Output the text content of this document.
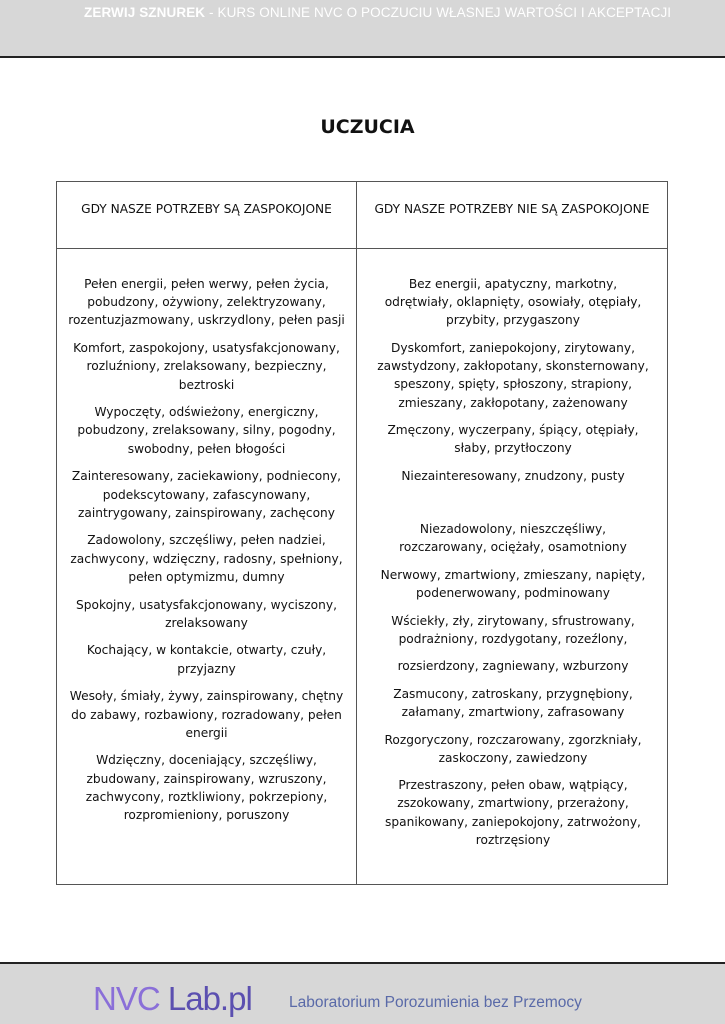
ZERWIJ SZNUREK - KURS ONLINE NVC O POCZUCIU WŁASNEJ WARTOŚCI I AKCEPTACJI
UCZUCIA
GDY NASZE POTRZEBY SĄ ZASPOKOJONE	GDY NASZE POTRZEBY NIE SĄ ZASPOKOJONE

Pełen energii, pełen werwy, pełen życia, pobudzony, ożywiony, zelektryzowany, rozentuzjazmowany, uskrzydlony, pełen pasji

Komfort, zaspokojony, usatysfakcjonowany, rozluźniony, zrelaksowany, bezpieczny, beztroski

Wypoczęty, odświeżony, energiczny, pobudzony, zrelaksowany, silny, pogodny, swobodny, pełen błogości

Zainteresowany, zaciekawiony, podniecony, podekscytowany, zafascynowany, zaintrygowany, zainspirowany, zachęcony

Zadowolony, szczęśliwy, pełen nadziei, zachwycony, wdzięczny, radosny, spełniony, pełen optymizmu, dumny

Spokojny, usatysfakcjonowany, wyciszony, zrelaksowany

Kochający, w kontakcie, otwarty, czuły, przyjazny

Wesoły, śmiały, żywy, zainspirowany, chętny do zabawy, rozbawiony, rozradowany, pełen energii

Wdzięczny, doceniający, szczęśliwy, zbudowany, zainspirowany, wzruszony, zachwycony, roztkliwiony, pokrzepiony, rozpromieniony, poruszony

Bez energii, apatyczny, markotny, odrętwiały, oklapnięty, osowiały, otępiały, przybity, przygaszony

Dyskomfort, zaniepokojony, zirytowany, zawstydzony, zakłopotany, skonsternowany, speszony, spięty, spłoszony, strapiony, zmieszany, zakłopotany, zażenowany

Zmęczony, wyczerpany, śpiący, otępiały, słaby, przytłoczony

Niezainteresowany, znudzony, pusty

Niezadowolony, nieszczęśliwy, rozczarowany, ociężały, osamotniony

Nerwowy, zmartwiony, zmieszany, napięty, podenerwowany, podminowany

Wściekły, zły, zirytowany, sfrustrowany, podrażniony, rozdygotany, rozeźlony,

rozsierdzony, zagniewany, wzburzony

Zasmucony, zatroskany, przygnębiony, załamany, zmartwiony, zafrasowany

Rozgoryczony, rozczarowany, zgorzkniały, zaskoczony, zawiedzony

Przestraszony, pełen obaw, wątpiący, zszokowany, zmartwiony, przerażony, spanikowany, zaniepokojony, zatrwożony, roztrzęsiony

NVC Lab.pl Laboratorium Porozumienia bez Przemocy
